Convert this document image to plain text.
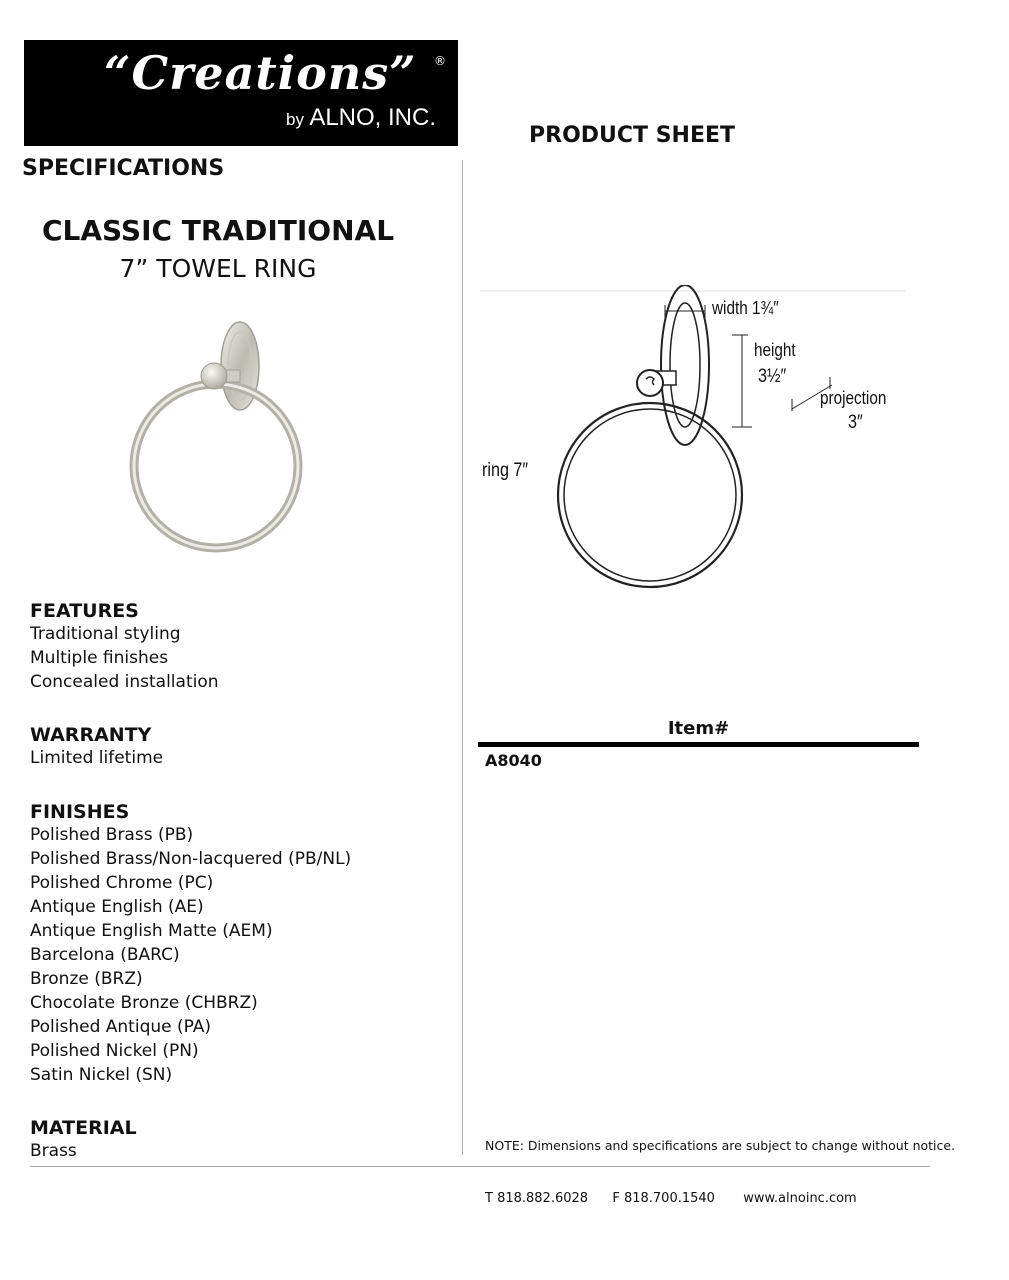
“Creations” ®
by ALNO, INC.
PRODUCT SHEET
SPECIFICATIONS
CLASSIC TRADITIONAL
7” TOWEL RING
FEATURES
Traditional styling
Multiple finishes
Concealed installation
WARRANTY
Limited lifetime
FINISHES
Polished Brass (PB)
Polished Brass/Non-lacquered (PB/NL)
Polished Chrome (PC)
Antique English (AE)
Antique English Matte (AEM)
Barcelona (BARC)
Bronze (BRZ)
Chocolate Bronze (CHBRZ)
Polished Antique (PA)
Polished Nickel (PN)
Satin Nickel (SN)
MATERIAL
Brass
width 1¾″
height
3½″
projection
3″
ring 7″
Item#
A8040
NOTE: Dimensions and specifications are subject to change without notice.
T 818.882.6028 F 818.700.1540 www.alnoinc.com
